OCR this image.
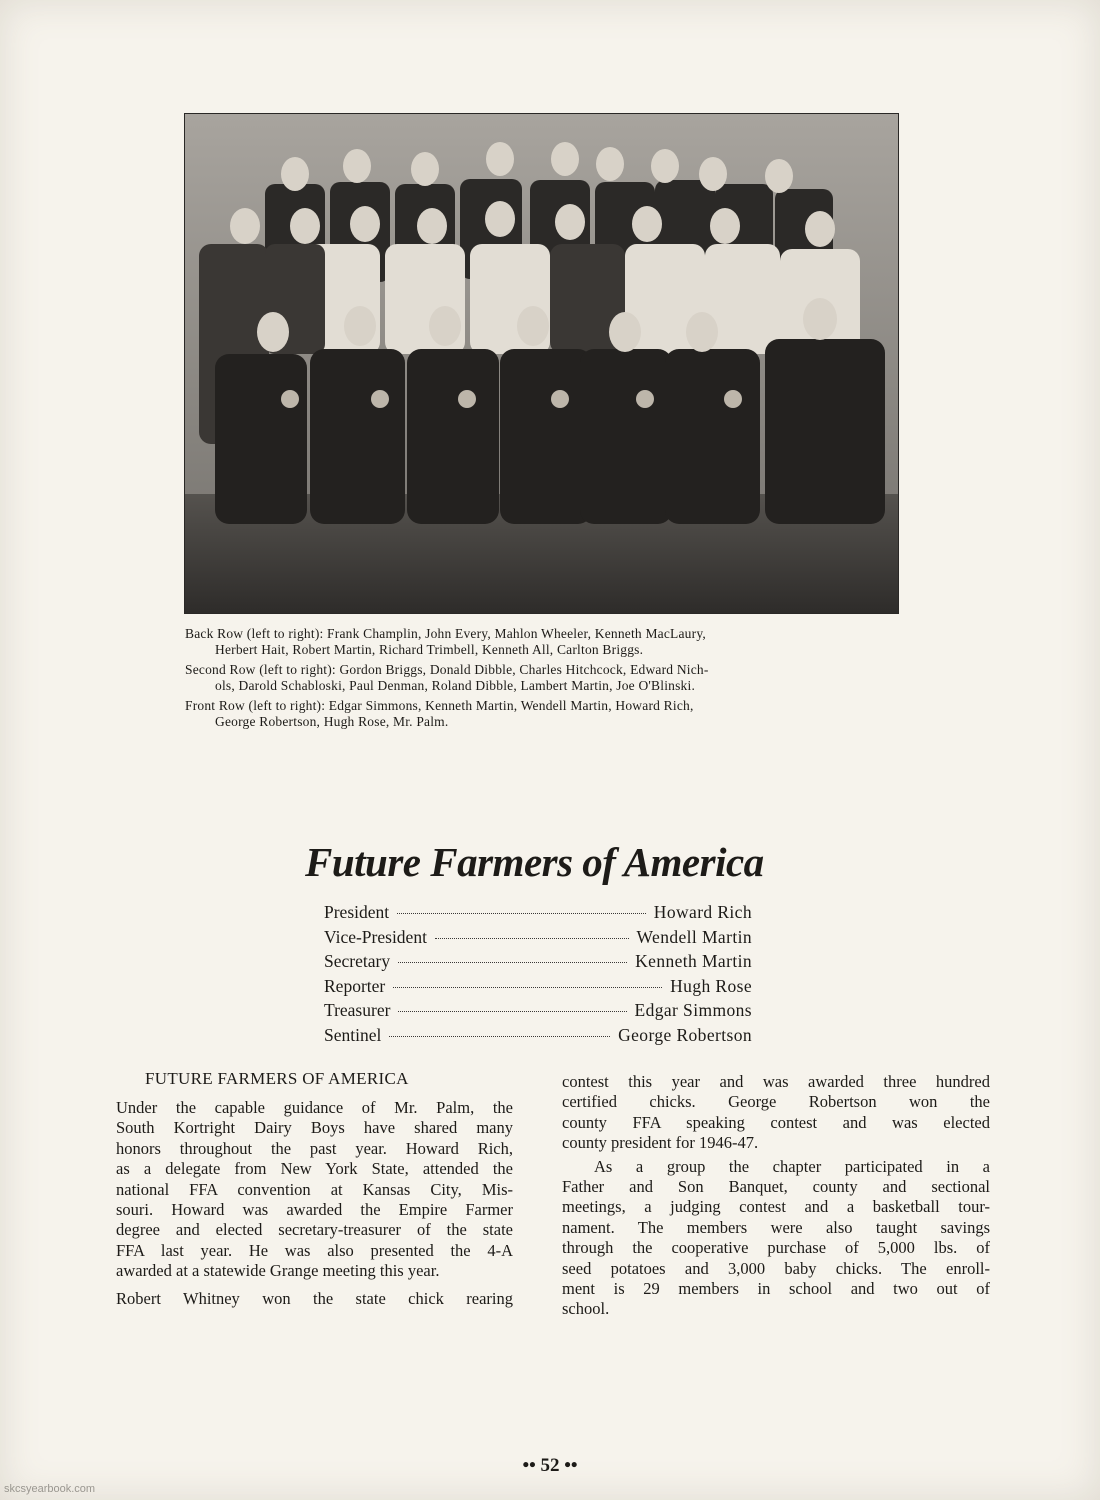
Back Row (left to right): Frank Champlin, John Every, Mahlon Wheeler, Kenneth MacLaury,
Herbert Hait, Robert Martin, Richard Trimbell, Kenneth All, Carlton Briggs.

Second Row (left to right): Gordon Briggs, Donald Dibble, Charles Hitchcock, Edward Nich-
ols, Darold Schabloski, Paul Denman, Roland Dibble, Lambert Martin, Joe O'Blinski.

Front Row (left to right): Edgar Simmons, Kenneth Martin, Wendell Martin, Howard Rich,
George Robertson, Hugh Rose, Mr. Palm.

Future Farmers of America
President	Howard Rich
Vice-President	Wendell Martin
Secretary	Kenneth Martin
Reporter	Hugh Rose
Treasurer	Edgar Simmons
Sentinel	George Robertson
FUTURE FARMERS OF AMERICA
Under the capable guidance of Mr. Palm, the
South Kortright Dairy Boys have shared many
honors throughout the past year. Howard Rich,
as a delegate from New York State, attended the
national FFA convention at Kansas City, Mis-
souri. Howard was awarded the Empire Farmer
degree and elected secretary-treasurer of the state
FFA last year. He was also presented the 4-A
awarded at a statewide Grange meeting this year.
Robert Whitney won the state chick rearing
contest this year and was awarded three hundred
certified chicks. George Robertson won the
county FFA speaking contest and was elected
county president for 1946-47.
As a group the chapter participated in a
Father and Son Banquet, county and sectional
meetings, a judging contest and a basketball tour-
nament. The members were also taught savings
through the cooperative purchase of 5,000 lbs. of
seed potatoes and 3,000 baby chicks. The enroll-
ment is 29 members in school and two out of
school.
•• 52 ••
skcsyearbook.com
